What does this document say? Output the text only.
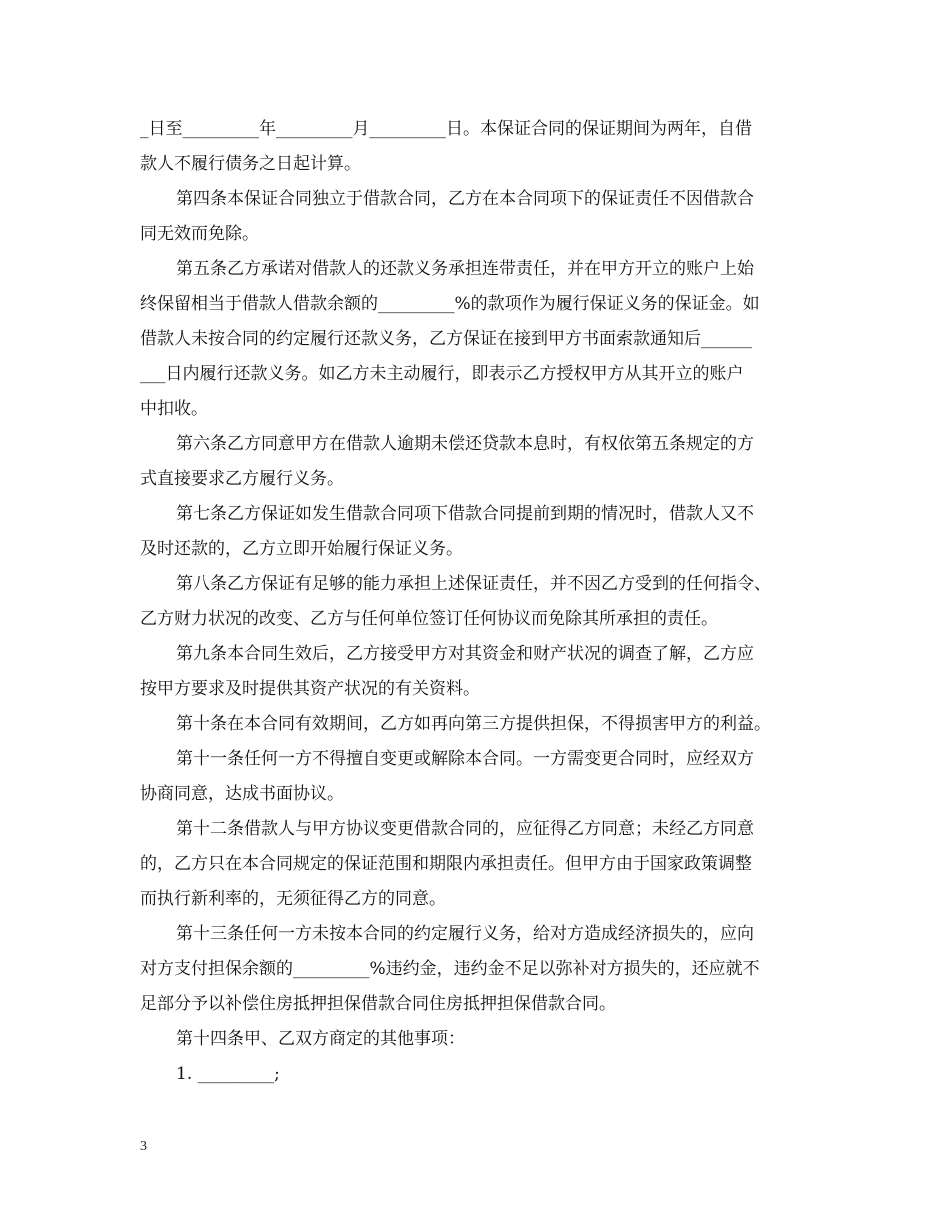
_日至_________年_________月_________日。本保证合同的保证期间为两年，自借
款人不履行债务之日起计算。
第四条本保证合同独立于借款合同，乙方在本合同项下的保证责任不因借款合
同无效而免除。
第五条乙方承诺对借款人的还款义务承担连带责任，并在甲方开立的账户上始
终保留相当于借款人借款余额的_________%的款项作为履行保证义务的保证金。如
借款人未按合同的约定履行还款义务，乙方保证在接到甲方书面索款通知后______
___日内履行还款义务。如乙方未主动履行，即表示乙方授权甲方从其开立的账户
中扣收。
第六条乙方同意甲方在借款人逾期未偿还贷款本息时，有权依第五条规定的方
式直接要求乙方履行义务。
第七条乙方保证如发生借款合同项下借款合同提前到期的情况时，借款人又不
及时还款的，乙方立即开始履行保证义务。
第八条乙方保证有足够的能力承担上述保证责任，并不因乙方受到的任何指令、
乙方财力状况的改变、乙方与任何单位签订任何协议而免除其所承担的责任。
第九条本合同生效后，乙方接受甲方对其资金和财产状况的调查了解，乙方应
按甲方要求及时提供其资产状况的有关资料。
第十条在本合同有效期间，乙方如再向第三方提供担保，不得损害甲方的利益。
第十一条任何一方不得擅自变更或解除本合同。一方需变更合同时，应经双方
协商同意，达成书面协议。
第十二条借款人与甲方协议变更借款合同的，应征得乙方同意；未经乙方同意
的，乙方只在本合同规定的保证范围和期限内承担责任。但甲方由于国家政策调整
而执行新利率的，无须征得乙方的同意。
第十三条任何一方未按本合同的约定履行义务，给对方造成经济损失的，应向
对方支付担保余额的_________%违约金，违约金不足以弥补对方损失的，还应就不
足部分予以补偿住房抵押担保借款合同住房抵押担保借款合同。
第十四条甲、乙双方商定的其他事项：
1. _________;
3
